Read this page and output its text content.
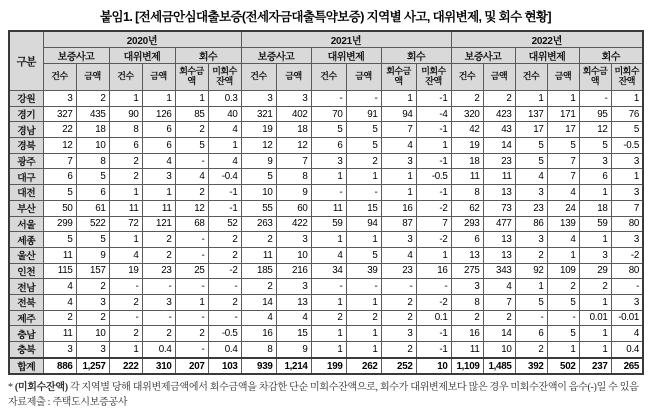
붙임1. [전세금안심대출보증(전세자금대출특약보증) 지역별 사고, 대위변제, 및 회수 현황]
구분	2020년						2021년						2022년					
	보증사고		대위변제		회수		보증사고		대위변제		회수		보증사고		대위변제		회수	
	건수	금액	건수	금액	회수금액	미회수잔액	건수	금액	건수	금액	회수금액	미회수잔액	건수	금액	건수	금액	회수금액	미회수잔액
강원	3	2	1	1	1	0.3	3	3	-	-	1	-1	2	2	1	1	-	1
경기	327	435	90	126	85	40	321	402	70	91	94	-4	320	423	137	171	95	76
경남	22	18	8	6	2	4	19	18	5	5	7	-1	42	43	17	17	12	5
경북	12	10	6	6	5	1	12	12	6	5	4	1	19	14	5	5	5	-0.5
광주	7	8	2	4	-	4	9	7	3	2	3	-1	18	23	5	7	3	3
대구	6	5	2	3	4	-0.4	5	8	1	1	1	-0.5	11	11	4	7	6	1
대전	5	6	1	1	2	-1	10	9	-	-	1	-1	8	13	3	4	1	3
부산	50	61	11	11	12	-1	55	60	11	15	16	-2	62	73	23	24	18	7
서울	299	522	72	121	68	52	263	422	59	94	87	7	293	477	86	139	59	80
세종	5	5	1	2	-	2	2	3	1	1	3	-2	6	13	3	4	1	3
울산	11	9	4	2	-	2	11	10	4	5	4	1	13	13	2	1	3	-2
인천	115	157	19	23	25	-2	185	216	34	39	23	16	275	343	92	109	29	80
전남	4	2	-	-	-	-	2	3	-	-	-	-	3	4	1	2	2	-
전북	4	3	2	3	1	2	14	13	1	1	2	-2	8	7	5	5	1	3
제주	2	2	-	-	-	-	4	4	2	2	2	0.1	2	2	-	-	0.01	-0.01
충남	11	10	2	2	2	-0.5	16	15	1	1	3	-1	16	14	6	5	1	4
충북	3	3	1	0.4	-	0.4	8	9	1	1	2	-1	11	10	2	1	1	0.4
합계	886	1,257	222	310	207	103	939	1,214	199	262	252	10	1,109	1,485	392	502	237	265
* (미회수잔액) 각 지역별 당해 대위변제금액에서 회수금액을 차감한 단순 미회수잔액으로, 회수가 대위변제보다 많은 경우 미회수잔액이 음수(-)일 수 있음
자료제출 : 주택도시보증공사
